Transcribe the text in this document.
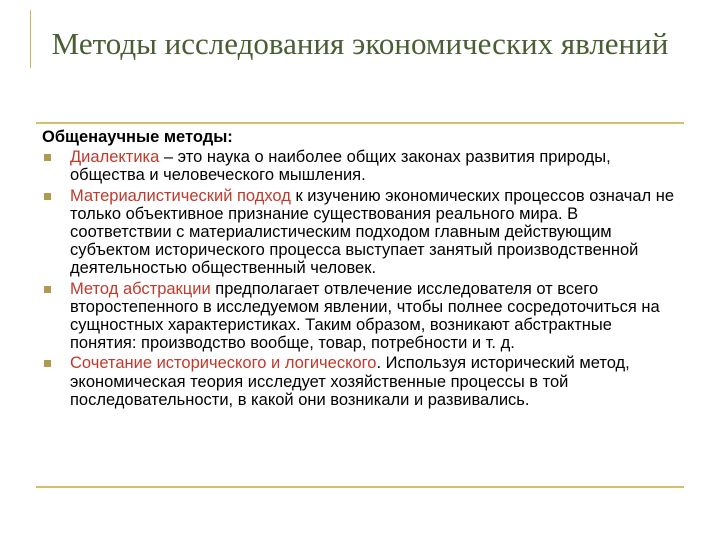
Методы исследования экономических явлений

Общенаучные методы:

Диалектика – это наука о наиболее общих законах развития природы, общества и человеческого мышления.
Материалистический подход к изучению экономических процессов означал не только объективное признание существования реального мира. В соответствии с материалистическим подходом главным действующим субъектом исторического процесса выступает занятый производственной деятельностью общественный человек.
Метод абстракции предполагает отвлечение исследователя от всего второстепенного в исследуемом явлении, чтобы полнее сосредоточиться на сущностных характеристиках. Таким образом, возникают абстрактные понятия: производство вообще, товар, потребности и т. д.
Сочетание исторического и логического. Используя исторический метод, экономическая теория исследует хозяйственные процессы в той последовательности, в какой они возникали и развивались.
